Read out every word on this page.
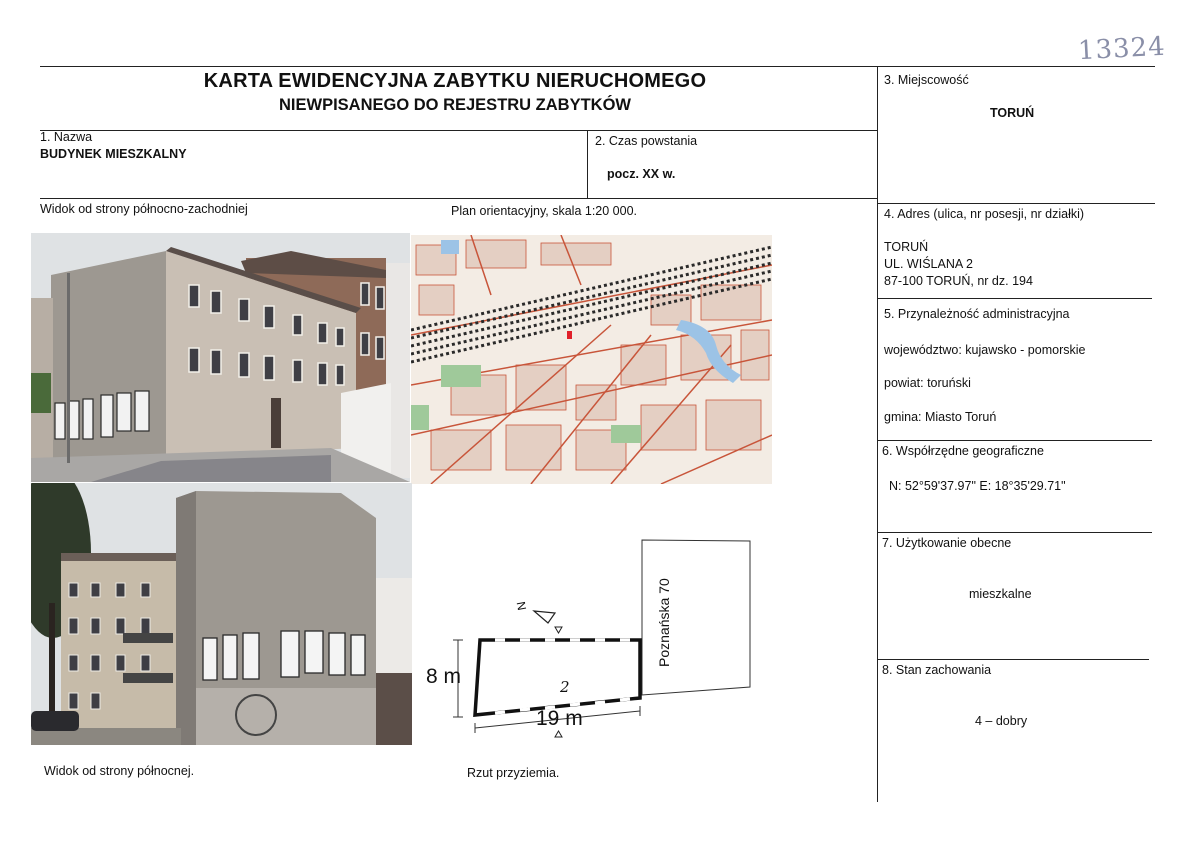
13324
KARTA EWIDENCYJNA ZABYTKU NIERUCHOMEGO
NIEWPISANEGO DO REJESTRU ZABYTKÓW
1. Nazwa
BUDYNEK MIESZKALNY
2. Czas powstania
pocz. XX w.
3. Miejscowość
TORUŃ
4. Adres (ulica, nr posesji, nr działki)
TORUŃ
UL. WIŚLANA 2
87-100 TORUŃ, nr dz. 194
5. Przynależność administracyjna
województwo: kujawsko - pomorskie
powiat: toruński
gmina: Miasto Toruń
6. Współrzędne geograficzne
N: 52°59'37.97" E: 18°35'29.71"
7. Użytkowanie obecne
mieszkalne
8. Stan zachowania
4 – dobry
Widok od strony północno-zachodniej	Plan orientacyjny, skala 1:20 000.
Widok od strony północnej.	Rzut przyziemia.
N
8 m
19 m
2
Poznańska 70
